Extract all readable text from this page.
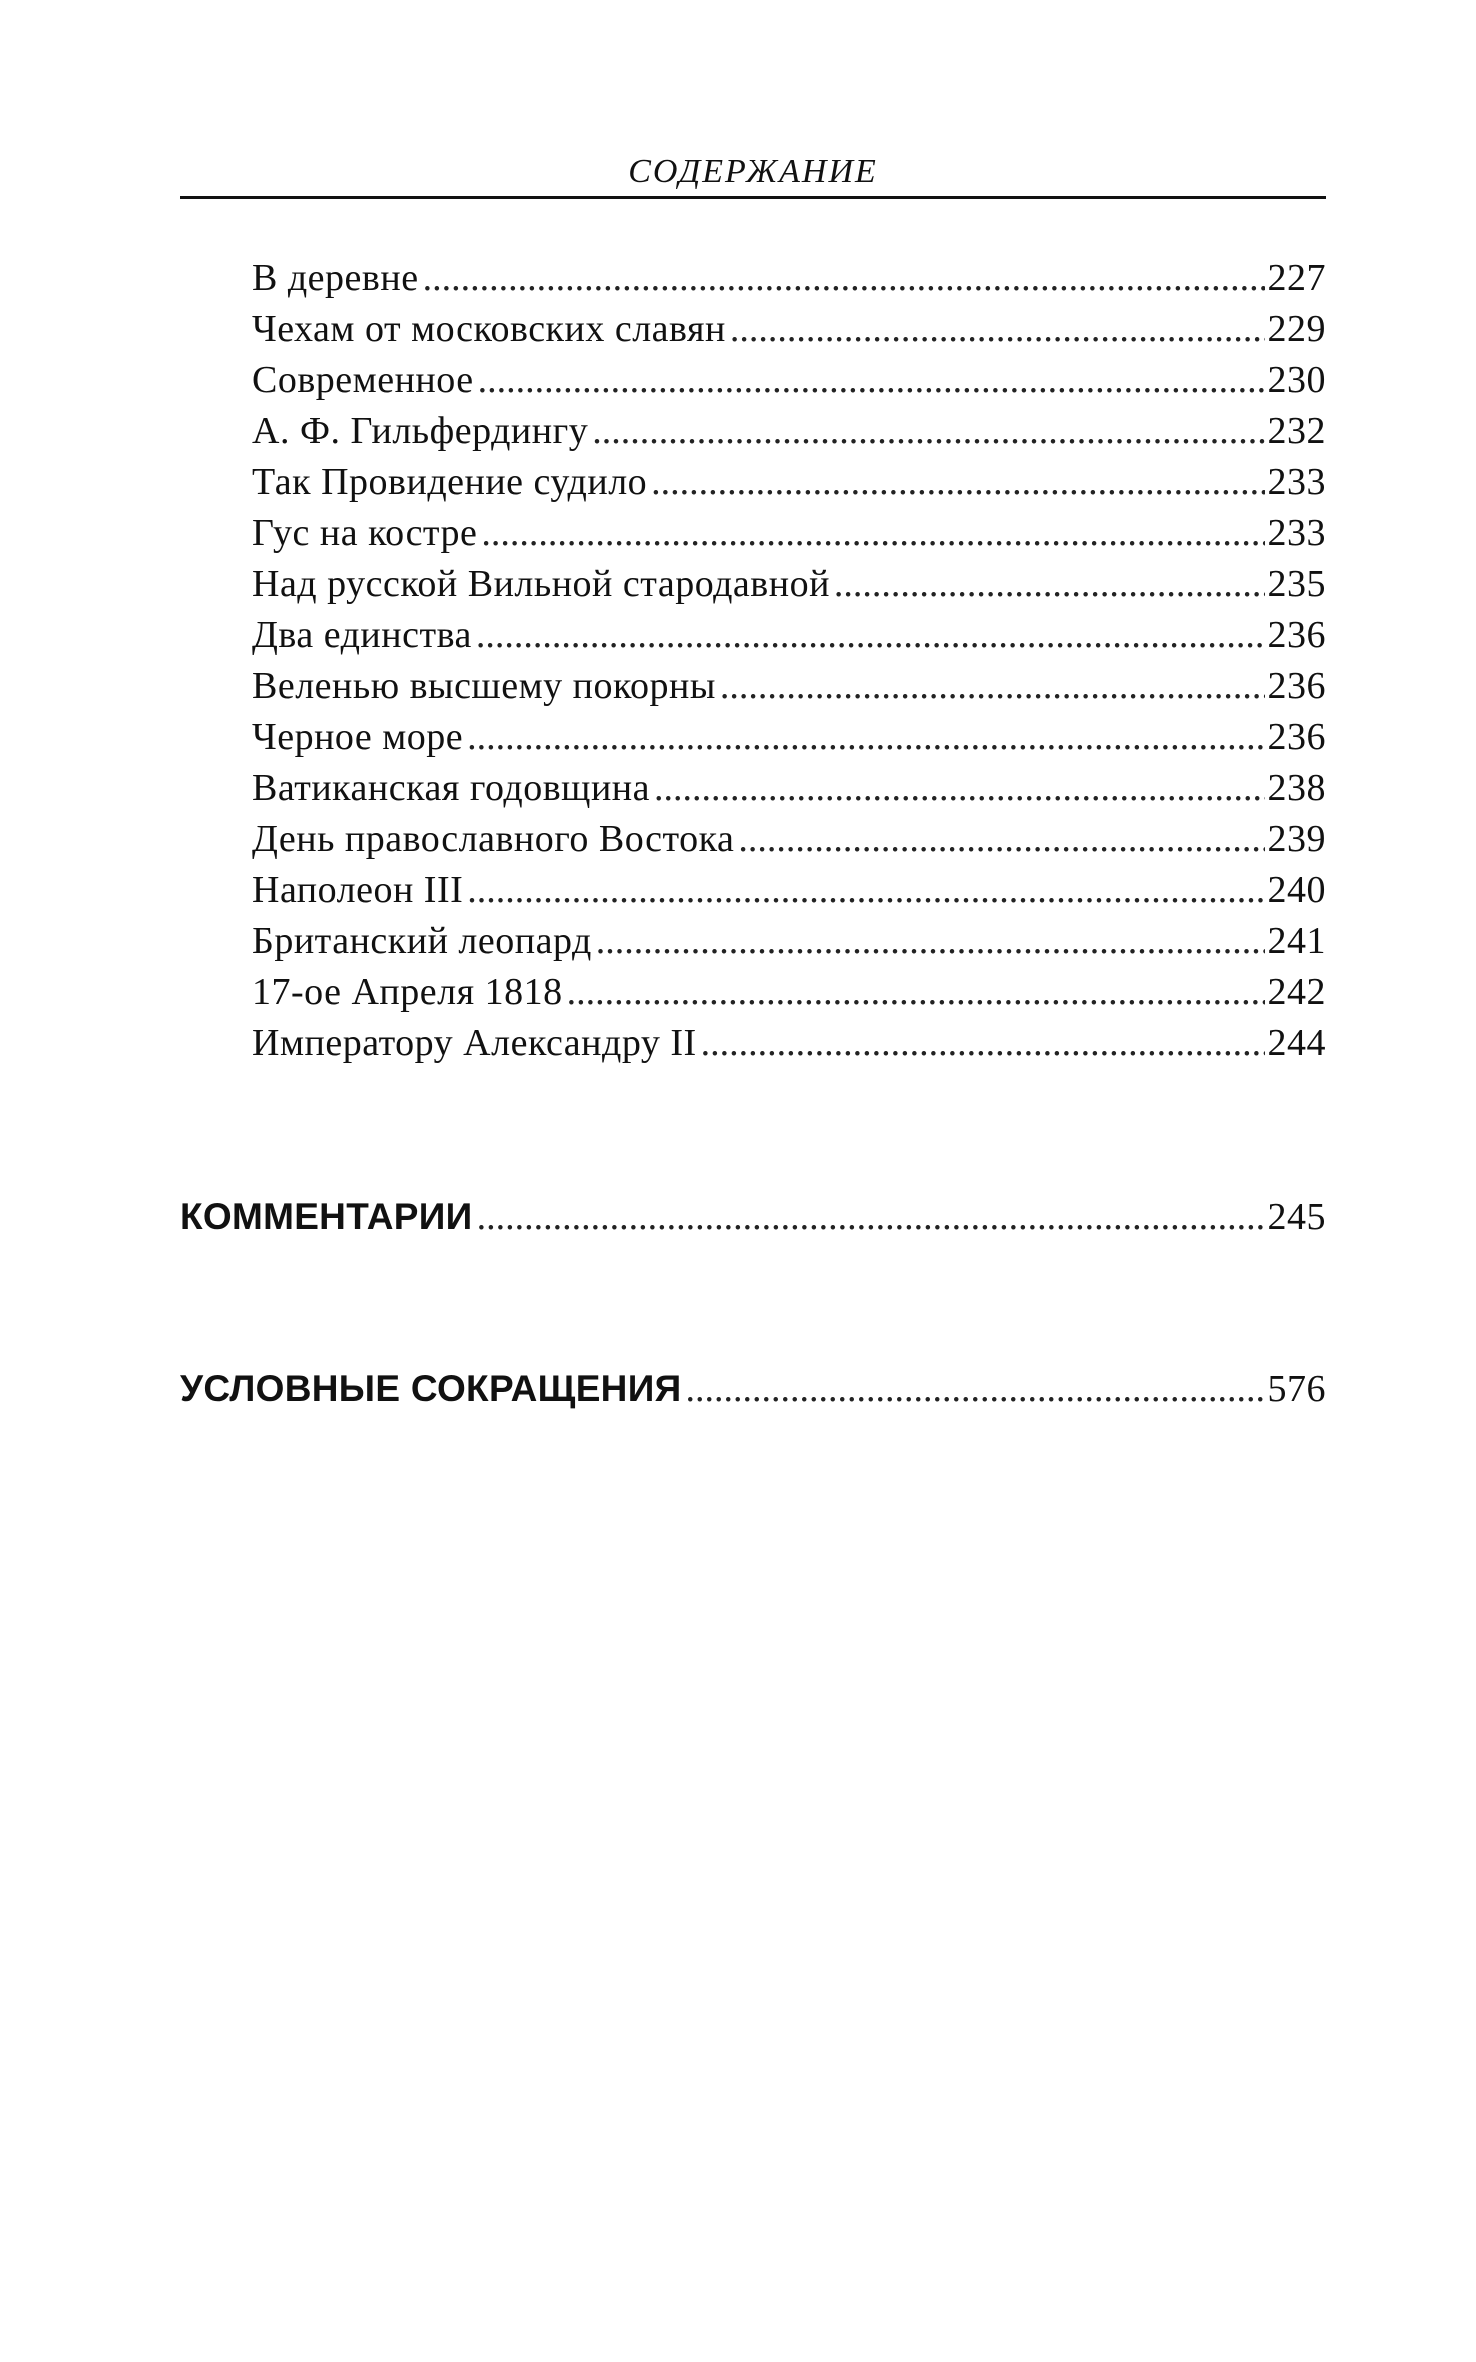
СОДЕРЖАНИЕ
В деревне .....	227
Чехам от московских славян .....	229
Современное .....	230
А. Ф. Гильфердингу .....	232
Так Провидение судило .....	233
Гус на костре .....	233
Над русской Вильной стародавной .....	235
Два единства .....	236
Веленью высшему покорны .....	236
Черное море .....	236
Ватиканская годовщина .....	238
День православного Востока .....	239
Наполеон III .....	240
Британский леопард .....	241
17-ое Апреля 1818 .....	242
Императору Александру II .....	244
КОММЕНТАРИИ .....	245
УСЛОВНЫЕ СОКРАЩЕНИЯ .....	576
